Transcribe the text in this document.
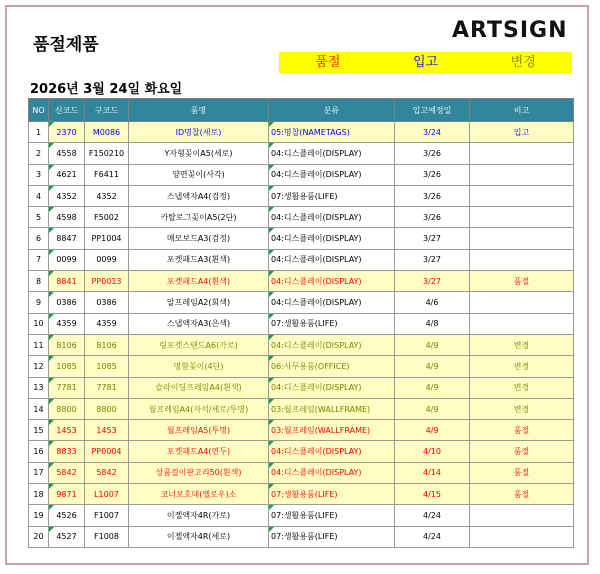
품절제품
ARTSIGN
품절	입고	변경
2026년 3월 24일 화요일
NO	신코드	구코드	품명	분류	입고예정일	비고
1	2370	M0086	ID명찰(세로)	05:명찰(NAMETAGS)	3/24	입고
2	4558	F150210	Y자형꽂이A5(세로)	04:디스플레이(DISPLAY)	3/26	
3	4621	F6411	양면꽂이(사각)	04:디스플레이(DISPLAY)	3/26	
4	4352	4352	스냅액자A4(검정)	07:생활용품(LIFE)	3/26	
5	4598	F5002	카탈로그꽂이A5(2단)	04:디스플레이(DISPLAY)	3/26	
6	8847	PP1004	메모보드A3(검정)	04:디스플레이(DISPLAY)	3/27	
7	0099	0099	포켓패드A3(흰색)	04:디스플레이(DISPLAY)	3/27	
8	8841	PP0013	포켓패드A4(흰색)	04:디스플레이(DISPLAY)	3/27	품절
9	0386	0386	알프레임A2(회색)	04:디스플레이(DISPLAY)	4/6	
10	4359	4359	스냅액자A3(은색)	07:생활용품(LIFE)	4/8	
11	8106	8106	링포켓스탠드A6(가로)	04:디스플레이(DISPLAY)	4/9	변경
12	1085	1085	명함꽂이(4단)	06:사무용품(OFFICE)	4/9	변경
13	7781	7781	슬라이딩프레임A4(흰색)	04:디스플레이(DISPLAY)	4/9	변경
14	8800	8800	월프레임A4(자석/세로/투명)	03:월프레임(WALLFRAME)	4/9	변경
15	1453	1453	월프레임A5(투명)	03:월프레임(WALLFRAME)	4/9	품절
16	8833	PP0004	포켓패드A4(연두)	04:디스플레이(DISPLAY)	4/10	품절
17	5842	5842	상품걸이판고리50(흰색)	04:디스플레이(DISPLAY)	4/14	품절
18	9871	L1007	코너보호대(옐로우)소	07:생활용품(LIFE)	4/15	품절
19	4526	F1007	이젤액자4R(가로)	07:생활용품(LIFE)	4/24	
20	4527	F1008	이젤액자4R(세로)	07:생활용품(LIFE)	4/24	
